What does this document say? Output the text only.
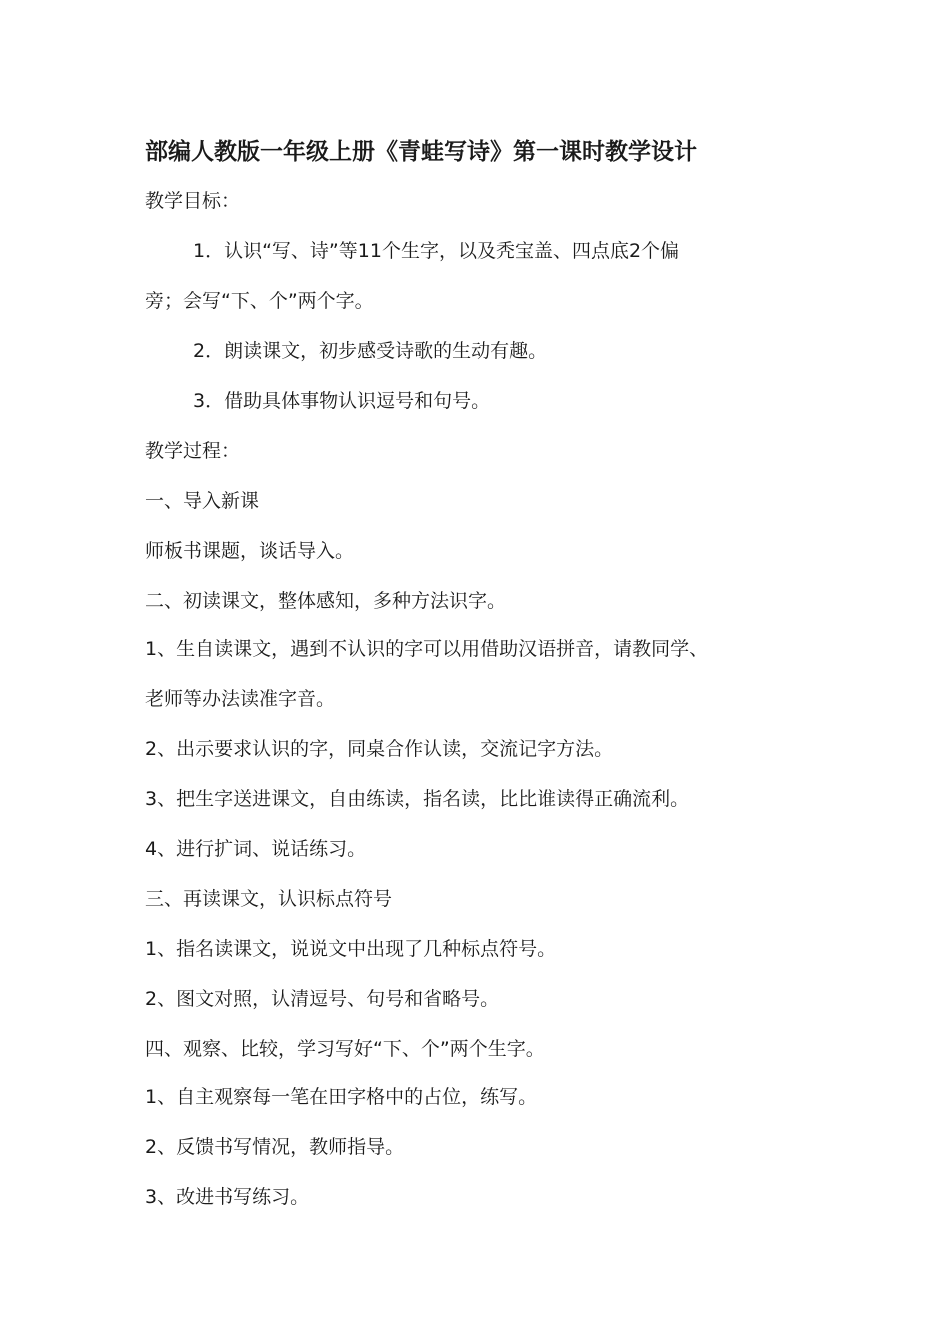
部编人教版一年级上册《青蛙写诗》第一课时教学设计
教学目标：
1．认识“写、诗”等11个生字，以及秃宝盖、四点底2个偏
旁；会写“下、个”两个字。
2．朗读课文，初步感受诗歌的生动有趣。
3．借助具体事物认识逗号和句号。
教学过程：
一、导入新课
师板书课题，谈话导入。
二、初读课文，整体感知，多种方法识字。
1、生自读课文，遇到不认识的字可以用借助汉语拼音，请教同学、
老师等办法读准字音。
2、出示要求认识的字，同桌合作认读，交流记字方法。
3、把生字送进课文，自由练读，指名读，比比谁读得正确流利。
4、进行扩词、说话练习。
三、再读课文，认识标点符号
1、指名读课文，说说文中出现了几种标点符号。
2、图文对照，认清逗号、句号和省略号。
四、观察、比较，学习写好“下、个”两个生字。
1、自主观察每一笔在田字格中的占位，练写。
2、反馈书写情况，教师指导。
3、改进书写练习。
